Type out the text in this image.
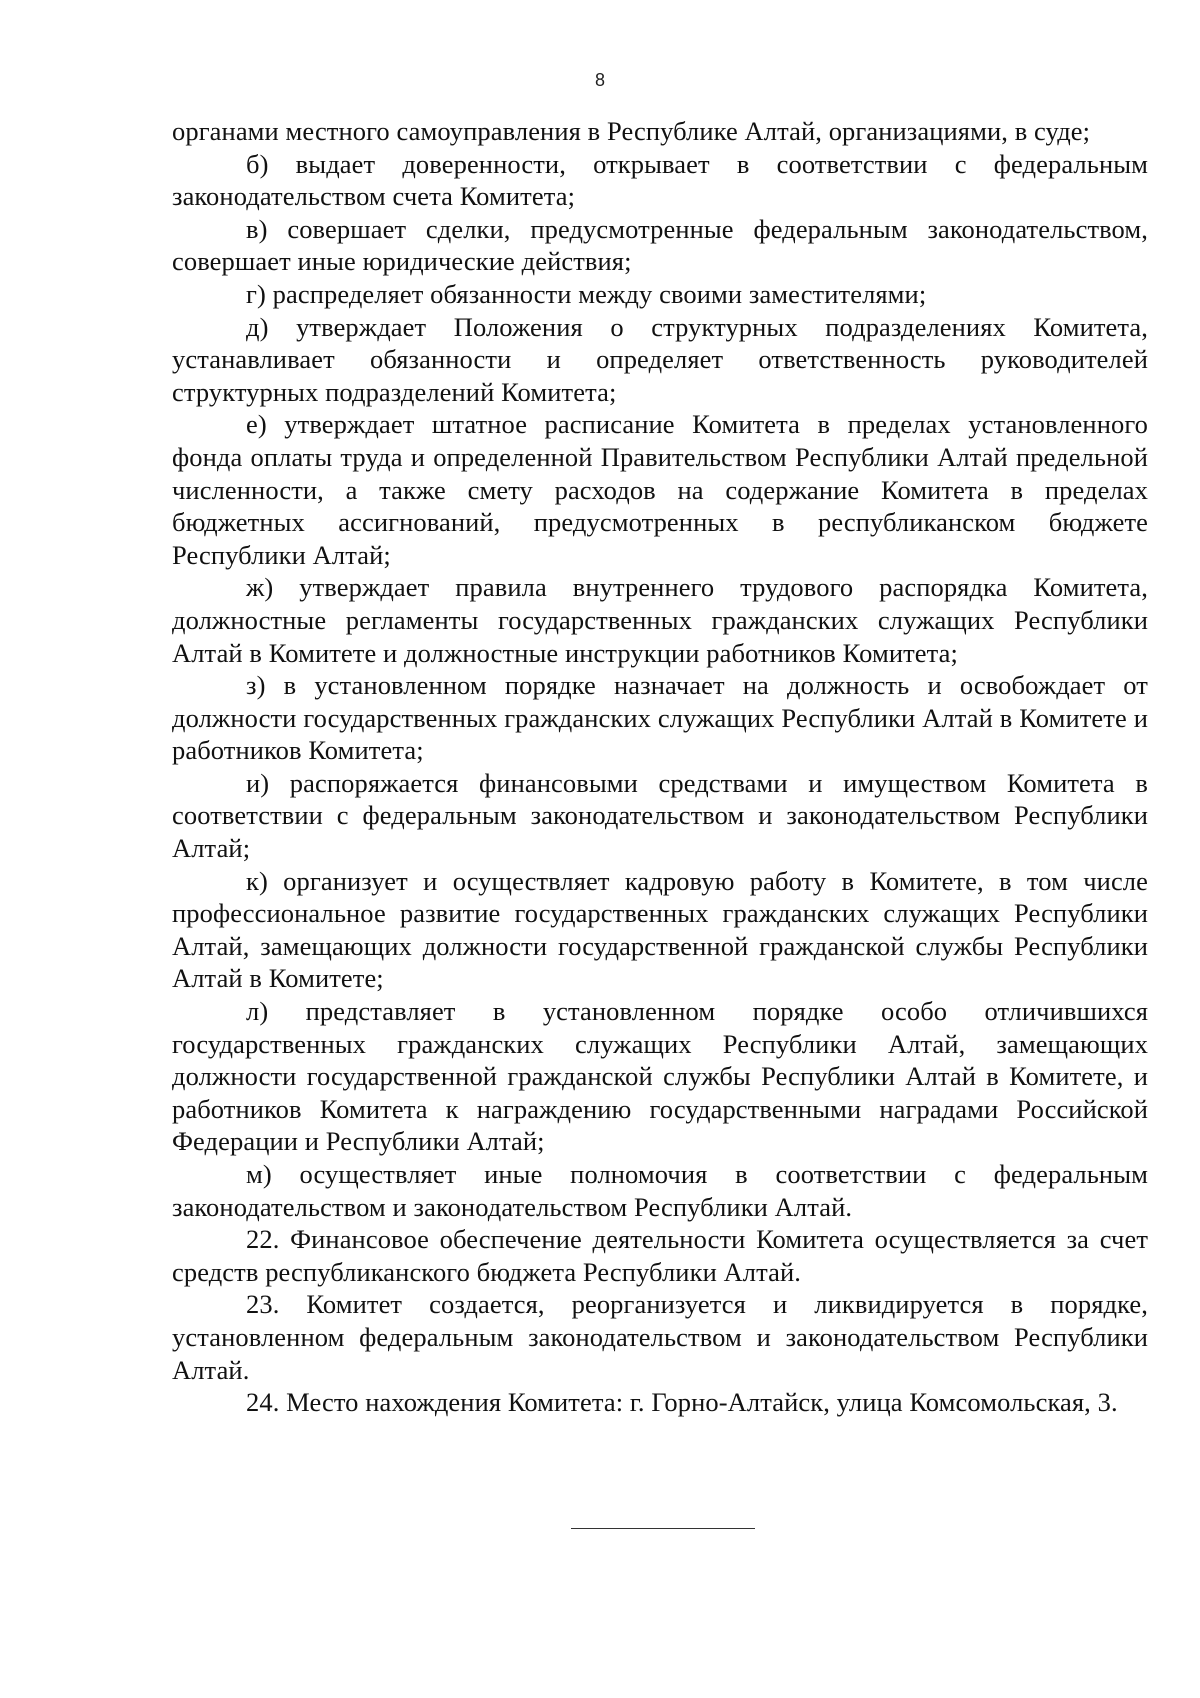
8

органами местного самоуправления в Республике Алтай, организациями, в суде;

б) выдает доверенности, открывает в соответствии с федеральным законодательством счета Комитета;

в) совершает сделки, предусмотренные федеральным законодательством, совершает иные юридические действия;

г) распределяет обязанности между своими заместителями;

д) утверждает Положения о структурных подразделениях Комитета, устанавливает обязанности и определяет ответственность руководителей структурных подразделений Комитета;

е) утверждает штатное расписание Комитета в пределах установленного фонда оплаты труда и определенной Правительством Республики Алтай предельной численности, а также смету расходов на содержание Комитета в пределах бюджетных ассигнований, предусмотренных в республиканском бюджете Республики Алтай;

ж) утверждает правила внутреннего трудового распорядка Комитета, должностные регламенты государственных гражданских служащих Республики Алтай в Комитете и должностные инструкции работников Комитета;

з) в установленном порядке назначает на должность и освобождает от должности государственных гражданских служащих Республики Алтай в Комитете и работников Комитета;

и) распоряжается финансовыми средствами и имуществом Комитета в соответствии с федеральным законодательством и законодательством Республики Алтай;

к) организует и осуществляет кадровую работу в Комитете, в том числе профессиональное развитие государственных гражданских служащих Республики Алтай, замещающих должности государственной гражданской службы Республики Алтай в Комитете;

л) представляет в установленном порядке особо отличившихся государственных гражданских служащих Республики Алтай, замещающих должности государственной гражданской службы Республики Алтай в Комитете, и работников Комитета к награждению государственными наградами Российской Федерации и Республики Алтай;

м) осуществляет иные полномочия в соответствии с федеральным законодательством и законодательством Республики Алтай.

22. Финансовое обеспечение деятельности Комитета осуществляется за счет средств республиканского бюджета Республики Алтай.

23. Комитет создается, реорганизуется и ликвидируется в порядке, установленном федеральным законодательством и законодательством Республики Алтай.

24. Место нахождения Комитета: г. Горно-Алтайск, улица Комсомольская, 3.
